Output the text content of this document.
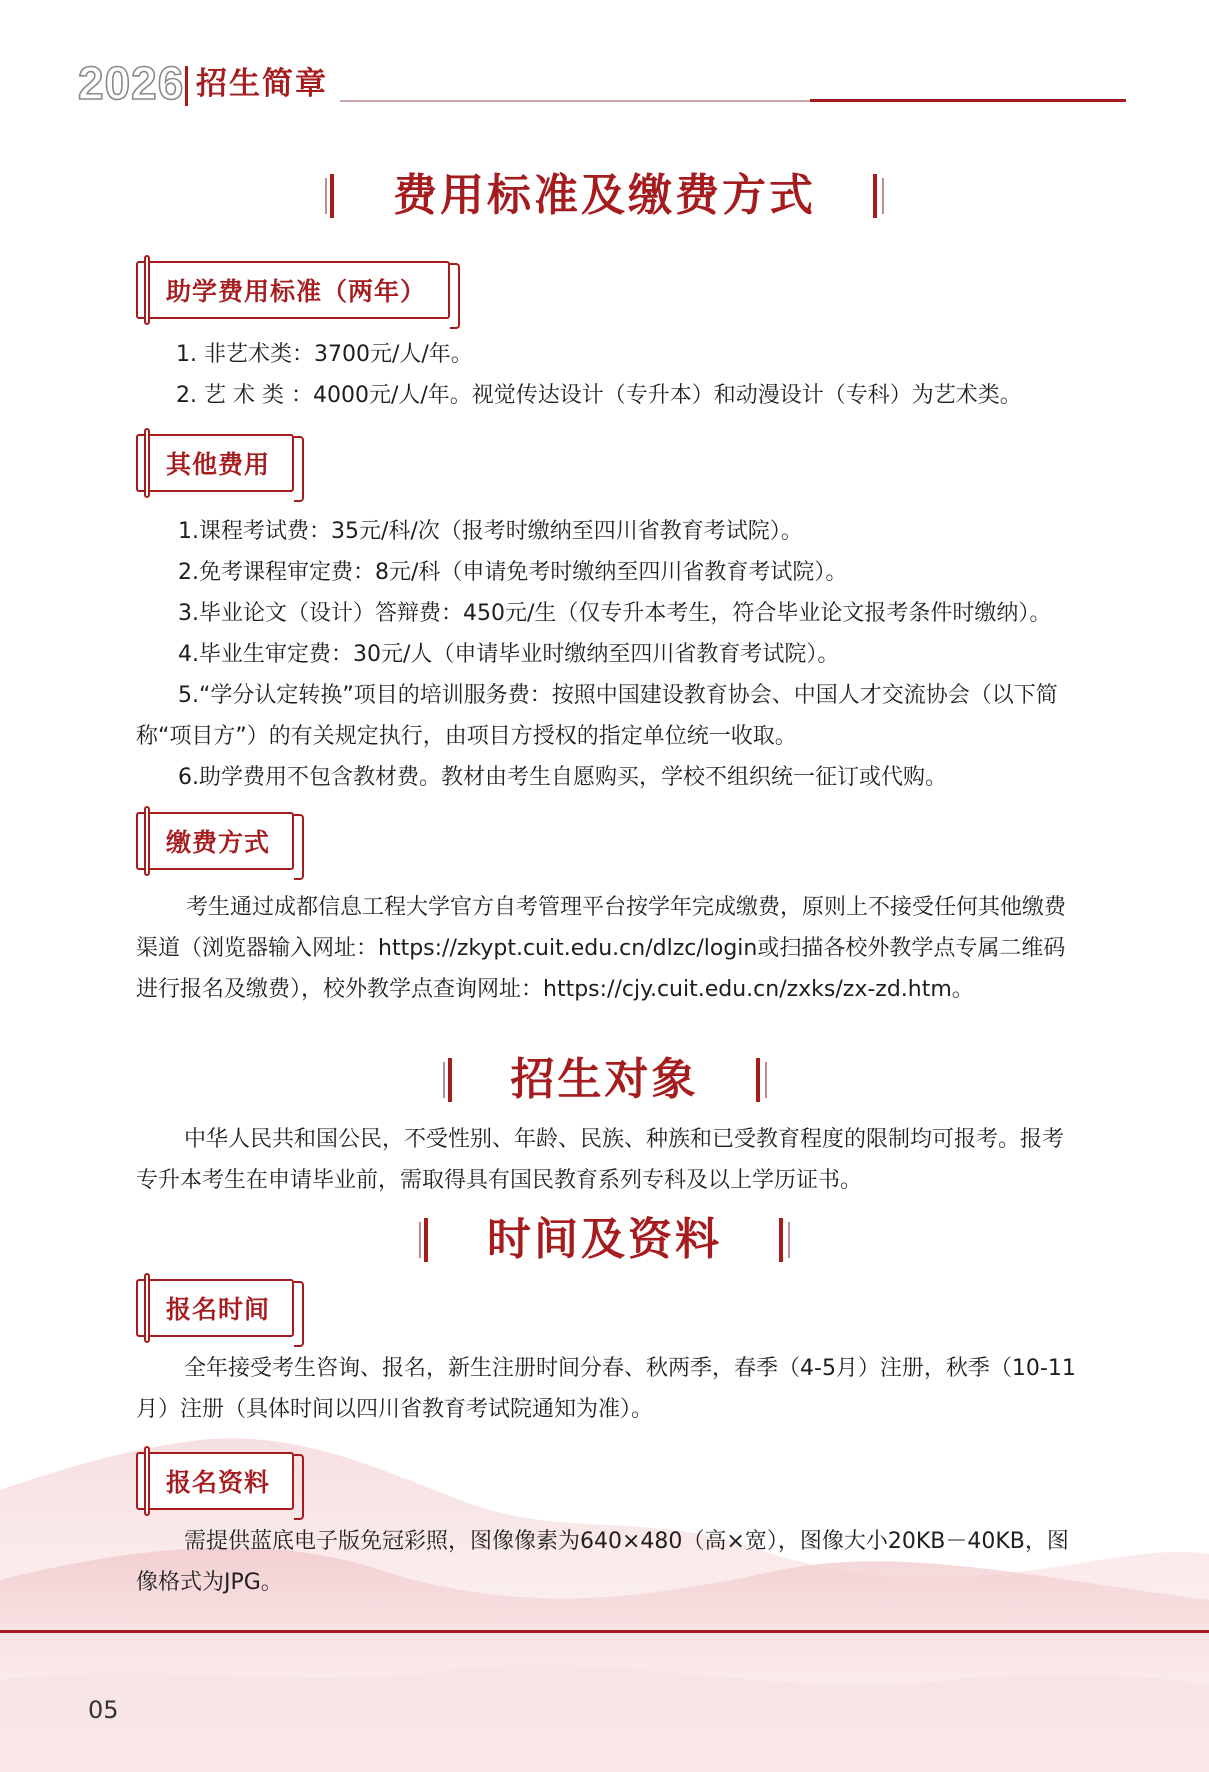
2026 招生简章
费用标准及缴费方式
助学费用标准（两年）

1. 非艺术类：3700元/人/年。

2. 艺 术 类 ：4000元/人/年。视觉传达设计（专升本）和动漫设计（专科）为艺术类。

其他费用

1.课程考试费：35元/科/次（报考时缴纳至四川省教育考试院）。

2.免考课程审定费：8元/科（申请免考时缴纳至四川省教育考试院）。

3.毕业论文（设计）答辩费：450元/生（仅专升本考生，符合毕业论文报考条件时缴纳）。

4.毕业生审定费：30元/人（申请毕业时缴纳至四川省教育考试院）。

5.“学分认定转换”项目的培训服务费：按照中国建设教育协会、中国人才交流协会（以下简称“项目方”）的有关规定执行，由项目方授权的指定单位统一收取。

6.助学费用不包含教材费。教材由考生自愿购买，学校不组织统一征订或代购。

缴费方式

考生通过成都信息工程大学官方自考管理平台按学年完成缴费，原则上不接受任何其他缴费渠道（浏览器输入网址：https://zkypt.cuit.edu.cn/dlzc/login或扫描各校外教学点专属二维码进行报名及缴费），校外教学点查询网址：https://cjy.cuit.edu.cn/zxks/zx-zd.htm。

招生对象

中华人民共和国公民，不受性别、年龄、民族、种族和已受教育程度的限制均可报考。报考专升本考生在申请毕业前，需取得具有国民教育系列专科及以上学历证书。

时间及资料
报名时间

全年接受考生咨询、报名，新生注册时间分春、秋两季，春季（4-5月）注册，秋季（10-11月）注册（具体时间以四川省教育考试院通知为准）。

报名资料

需提供蓝底电子版免冠彩照，图像像素为640×480（高×宽），图像大小20KB－40KB，图像格式为JPG。

05
